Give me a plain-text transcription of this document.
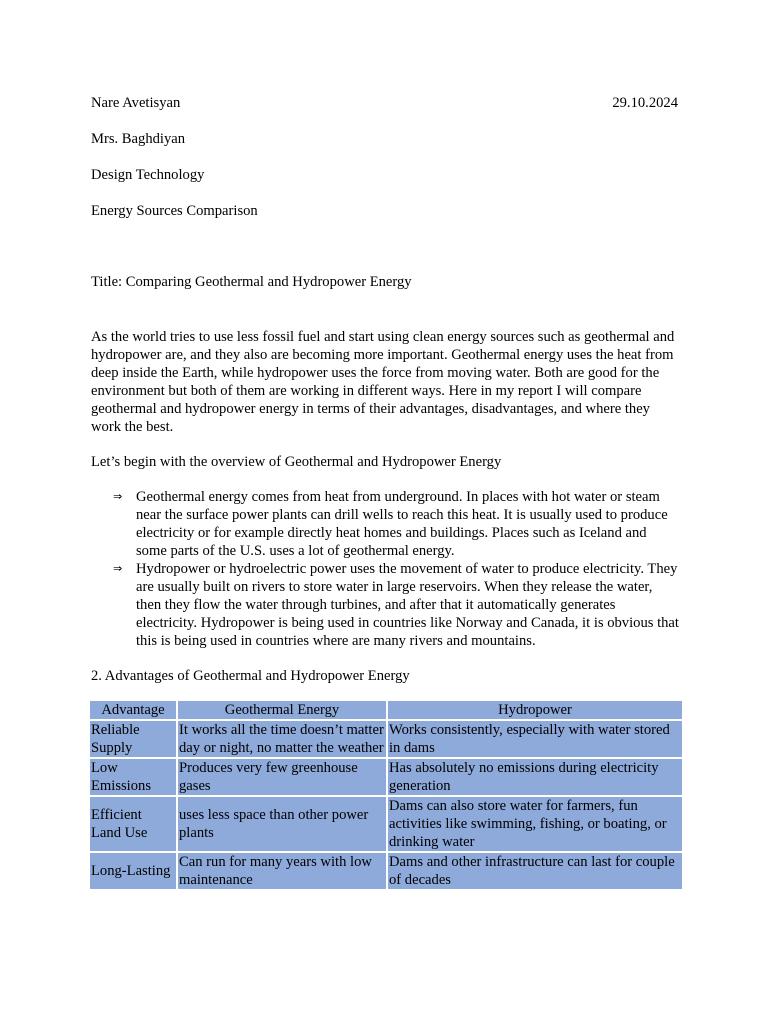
Nare Avetisyan	29.10.2024
Mrs. Baghdiyan
Design Technology
Energy Sources Comparison
Title: Comparing Geothermal and Hydropower Energy
As the world tries to use less fossil fuel and start using clean energy sources such as geothermal and hydropower are, and they also are becoming more important. Geothermal energy uses the heat from deep inside the Earth, while hydropower uses the force from moving water. Both are good for the environment but both of them are working in different ways. Here in my report I will compare geothermal and hydropower energy in terms of their advantages, disadvantages, and where they work the best.
Let’s begin with the overview of Geothermal and Hydropower Energy
⇒ Geothermal energy comes from heat from underground. In places with hot water or steam near the surface power plants can drill wells to reach this heat. It is usually used to produce electricity or for example directly heat homes and buildings. Places such as Iceland and some parts of the U.S. uses a lot of geothermal energy.
⇒ Hydropower or hydroelectric power uses the movement of water to produce electricity. They are usually built on rivers to store water in large reservoirs. When they release the water, then they flow the water through turbines, and after that it automatically generates electricity. Hydropower is being used in countries like Norway and Canada, it is obvious that this is being used in countries where are many rivers and mountains.
2. Advantages of Geothermal and Hydropower Energy
Advantage	Geothermal Energy	Hydropower
Reliable Supply	It works all the time doesn’t matter day or night, no matter the weather	Works consistently, especially with water stored in dams
Low Emissions	Produces very few greenhouse gases	Has absolutely no emissions during electricity generation
Efficient Land Use	uses less space than other power plants	Dams can also store water for farmers, fun activities like swimming, fishing, or boating, or drinking water
Long-Lasting	Can run for many years with low maintenance	Dams and other infrastructure can last for couple of decades
